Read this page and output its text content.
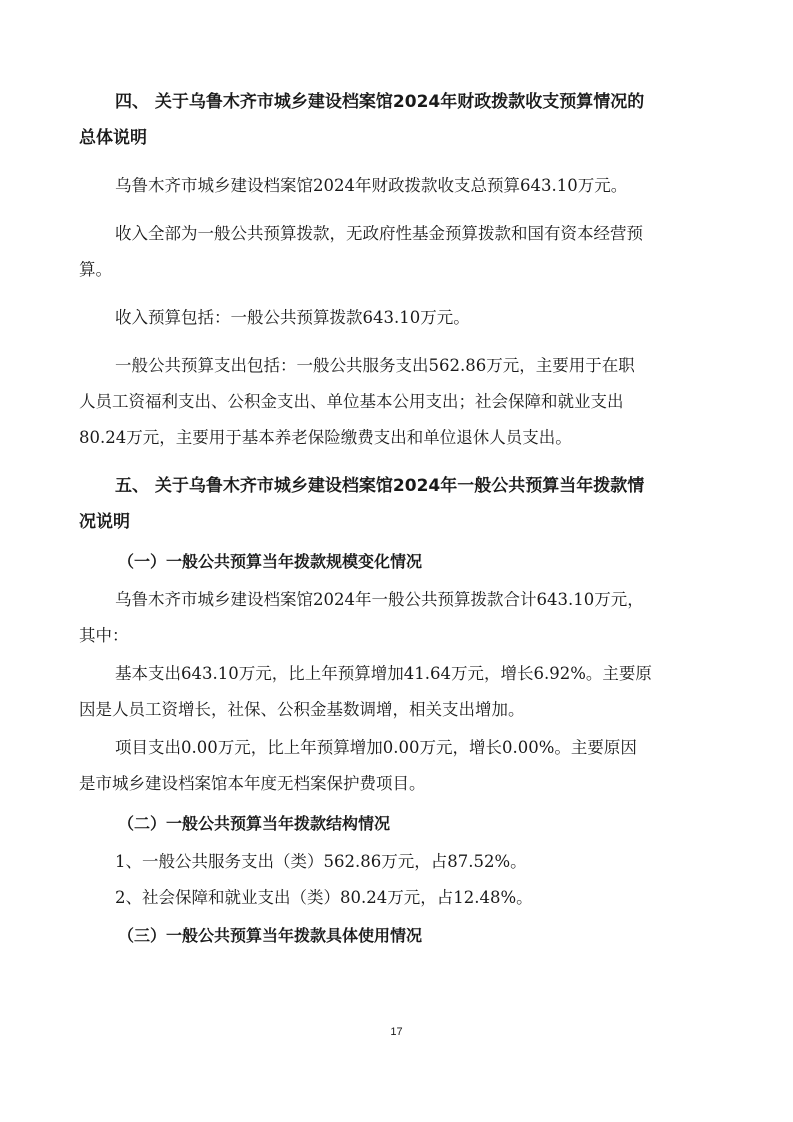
四、 关于乌鲁木齐市城乡建设档案馆2024年财政拨款收支预算情况的
总体说明
乌鲁木齐市城乡建设档案馆2024年财政拨款收支总预算643.10万元。
收入全部为一般公共预算拨款，无政府性基金预算拨款和国有资本经营预
算。
收入预算包括：一般公共预算拨款643.10万元。
一般公共预算支出包括：一般公共服务支出562.86万元，主要用于在职
人员工资福利支出、公积金支出、单位基本公用支出；社会保障和就业支出
80.24万元，主要用于基本养老保险缴费支出和单位退休人员支出。
五、 关于乌鲁木齐市城乡建设档案馆2024年一般公共预算当年拨款情
况说明
（一）一般公共预算当年拨款规模变化情况
乌鲁木齐市城乡建设档案馆2024年一般公共预算拨款合计643.10万元，
其中：
基本支出643.10万元，比上年预算增加41.64万元，增长6.92%。主要原
因是人员工资增长，社保、公积金基数调增，相关支出增加。
项目支出0.00万元，比上年预算增加0.00万元，增长0.00%。主要原因
是市城乡建设档案馆本年度无档案保护费项目。
（二）一般公共预算当年拨款结构情况
1、一般公共服务支出（类）562.86万元，占87.52%。
2、社会保障和就业支出（类）80.24万元，占12.48%。
（三）一般公共预算当年拨款具体使用情况
17
